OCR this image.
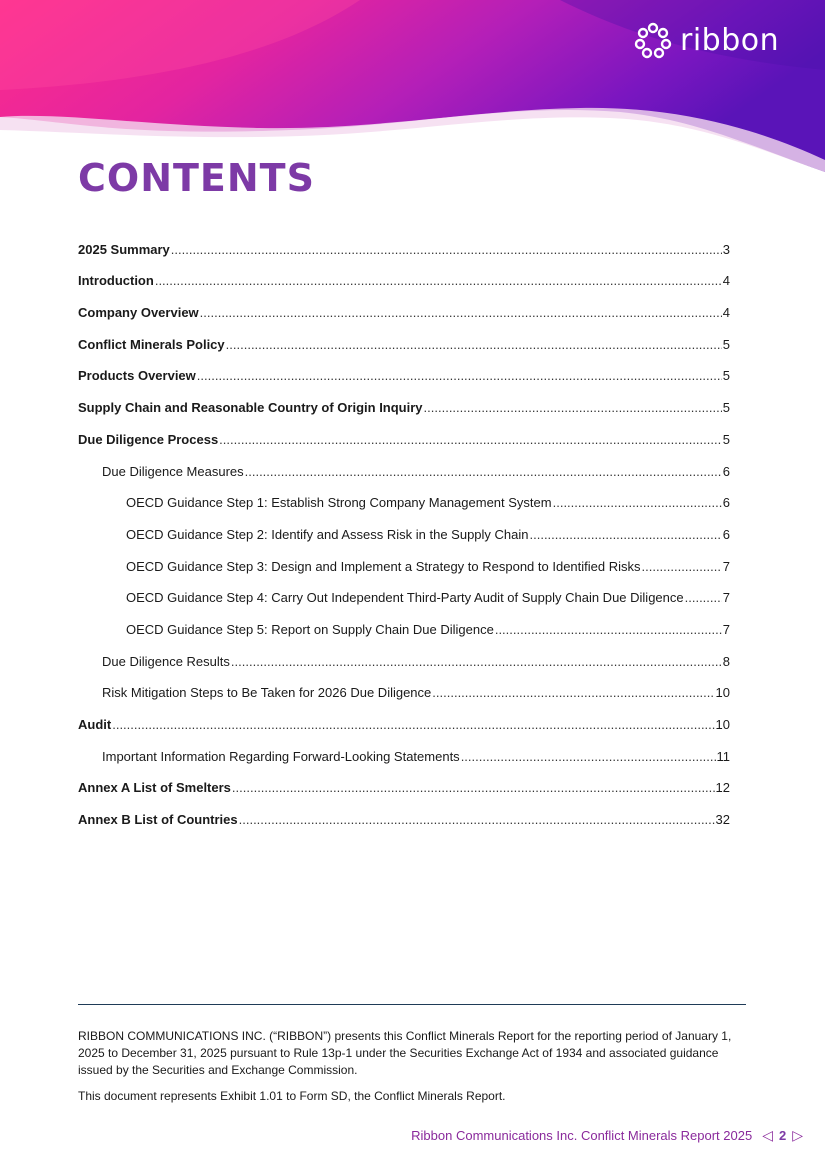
ribbon
CONTENTS
2025 Summary .....	3
Introduction .....	4
Company Overview .....	4
Conflict Minerals Policy .....	5
Products Overview .....	5
Supply Chain and Reasonable Country of Origin Inquiry .....	5
Due Diligence Process .....	5
Due Diligence Measures .....	6
OECD Guidance Step 1: Establish Strong Company Management System .....	6
OECD Guidance Step 2: Identify and Assess Risk in the Supply Chain .....	6
OECD Guidance Step 3: Design and Implement a Strategy to Respond to Identified Risks .....	7
OECD Guidance Step 4: Carry Out Independent Third-Party Audit of Supply Chain Due Diligence .....	7
OECD Guidance Step 5: Report on Supply Chain Due Diligence .....	7
Due Diligence Results .....	8
Risk Mitigation Steps to Be Taken for 2026 Due Diligence .....	10
Audit .....	10
Important Information Regarding Forward-Looking Statements .....	11
Annex A List of Smelters .....	12
Annex B List of Countries .....	32

RIBBON COMMUNICATIONS INC. (“RIBBON”) presents this Conflict Minerals Report for the reporting period of January 1, 2025 to December 31, 2025 pursuant to Rule 13p-1 under the Securities Exchange Act of 1934 and associated guidance issued by the Securities and Exchange Commission.

This document represents Exhibit 1.01 to Form SD, the Conflict Minerals Report.

Ribbon Communications Inc. Conflict Minerals Report 2025 ◁ 2 ▷
